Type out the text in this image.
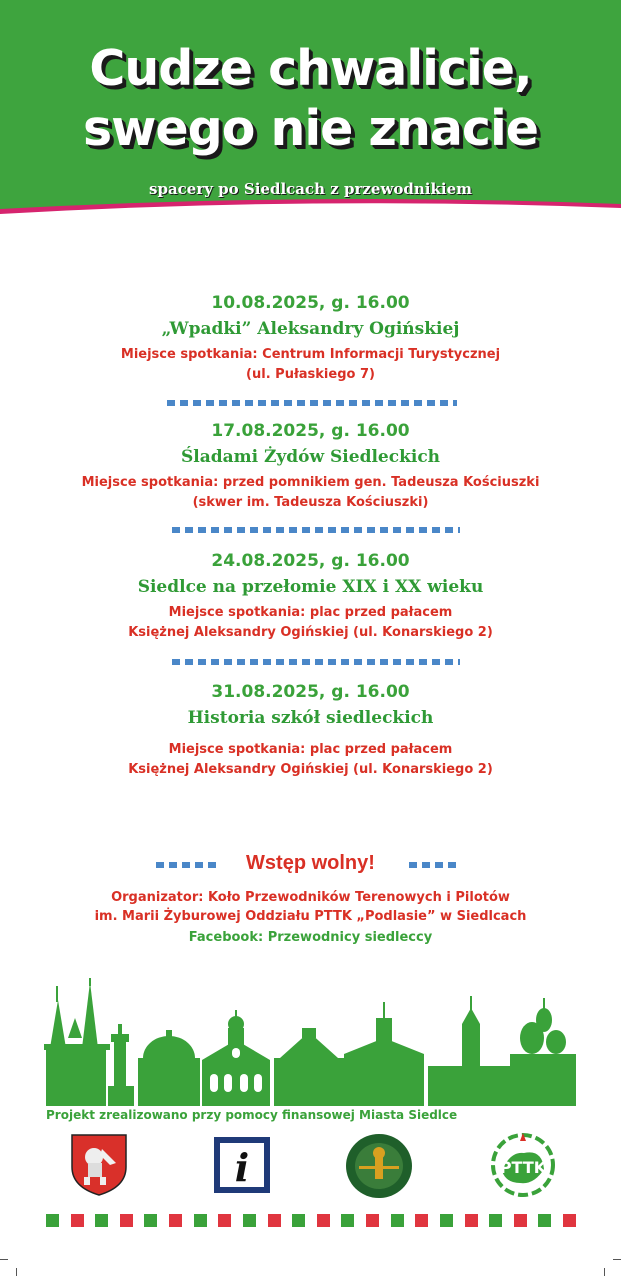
Cudze chwalicie,
swego nie znacie
spacery po Siedlcach z przewodnikiem
10.08.2025, g. 16.00
„Wpadki” Aleksandry Ogińskiej
Miejsce spotkania: Centrum Informacji Turystycznej
(ul. Pułaskiego 7)
17.08.2025, g. 16.00
Śladami Żydów Siedleckich
Miejsce spotkania: przed pomnikiem gen. Tadeusza Kościuszki
(skwer im. Tadeusza Kościuszki)
24.08.2025, g. 16.00
Siedlce na przełomie XIX i XX wieku
Miejsce spotkania: plac przed pałacem
Księżnej Aleksandry Ogińskiej (ul. Konarskiego 2)
31.08.2025, g. 16.00
Historia szkół siedleckich
Miejsce spotkania: plac przed pałacem
Księżnej Aleksandry Ogińskiej (ul. Konarskiego 2)
Wstęp wolny!
Organizator: Koło Przewodników Terenowych i Pilotów
im. Marii Żyburowej Oddziału PTTK „Podlasie” w Siedlcach
Facebook: Przewodnicy siedleccy
Projekt zrealizowano przy pomocy finansowej Miasta Siedlce
i	PTTK
